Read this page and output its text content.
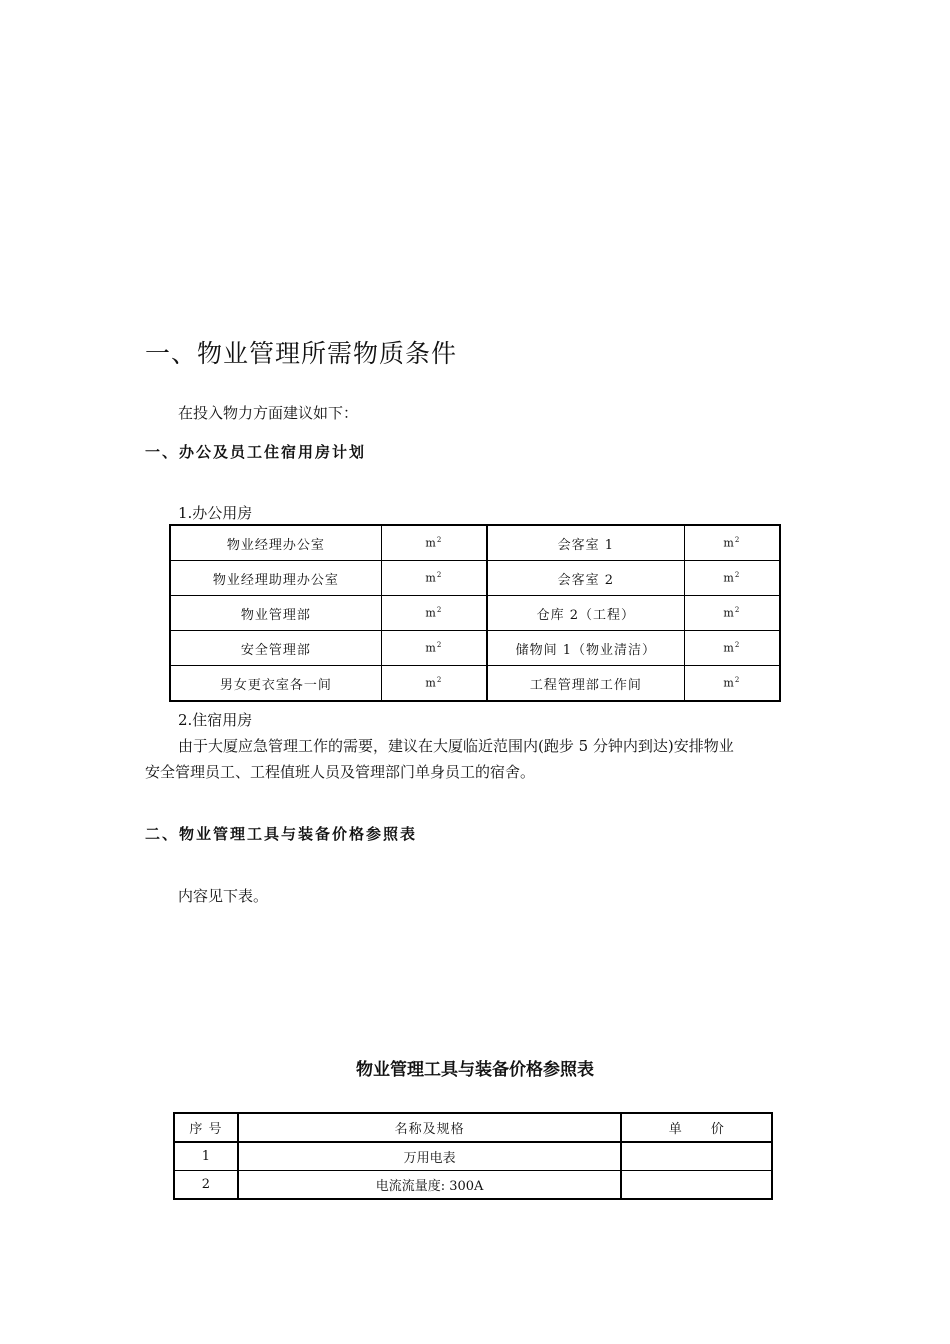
一、物业管理所需物质条件
在投入物力方面建议如下：
一、办公及员工住宿用房计划
1.办公用房
物业经理办公室	$m^2$	会客室 1	$m^2$
物业经理助理办公室	$m^2$	会客室 2	$m^2$
物业管理部	$m^2$	仓库 2（工程）	$m^2$
安全管理部	$m^2$	储物间 1（物业清洁）	$m^2$
男女更衣室各一间	$m^2$	工程管理部工作间	$m^2$
2.住宿用房
由于大厦应急管理工作的需要，建议在大厦临近范围内(跑步 5 分钟内到达)安排物业
安全管理员工、工程值班人员及管理部门单身员工的宿舍。
二、物业管理工具与装备价格参照表
内容见下表。
物业管理工具与装备价格参照表
序 号	名称及规格	单　　价
1	万用电表	
2	电流流量度: 300A	
